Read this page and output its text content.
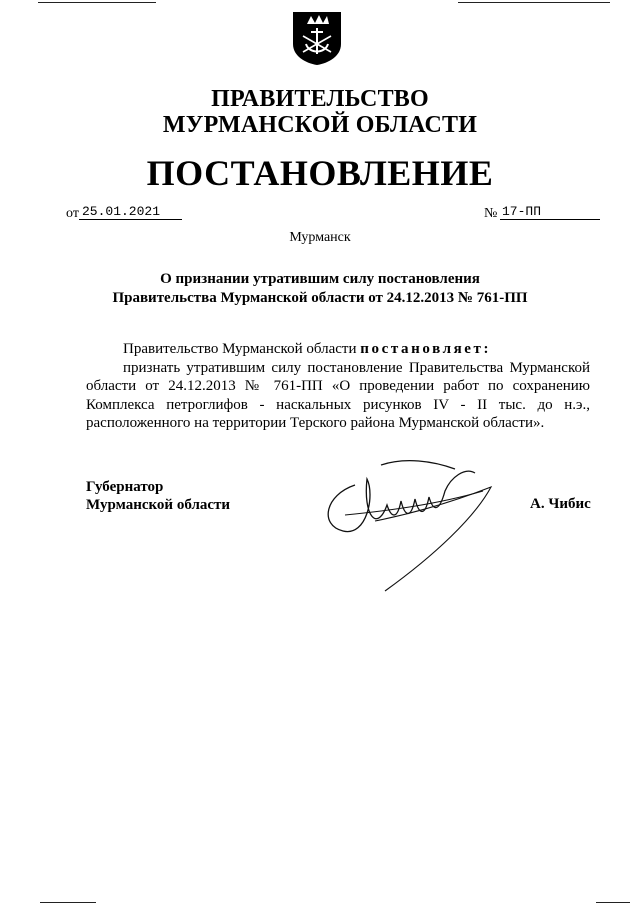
ПРАВИТЕЛЬСТВО
МУРМАНСКОЙ ОБЛАСТИ
ПОСТАНОВЛЕНИЕ
от 25.01.2021	№ 17-ПП
Мурманск
О признании утратившим силу постановления
Правительства Мурманской области от 24.12.2013 № 761-ПП

Правительство Мурманской области постановляет:

признать утратившим силу постановление Правительства Мурманской области от 24.12.2013 № 761-ПП «О проведении работ по сохранению Комплекса петроглифов - наскальных рисунков IV - II тыс. до н.э., расположенного на территории Терского района Мурманской области».

Губернатор
Мурманской области	А. Чибис
